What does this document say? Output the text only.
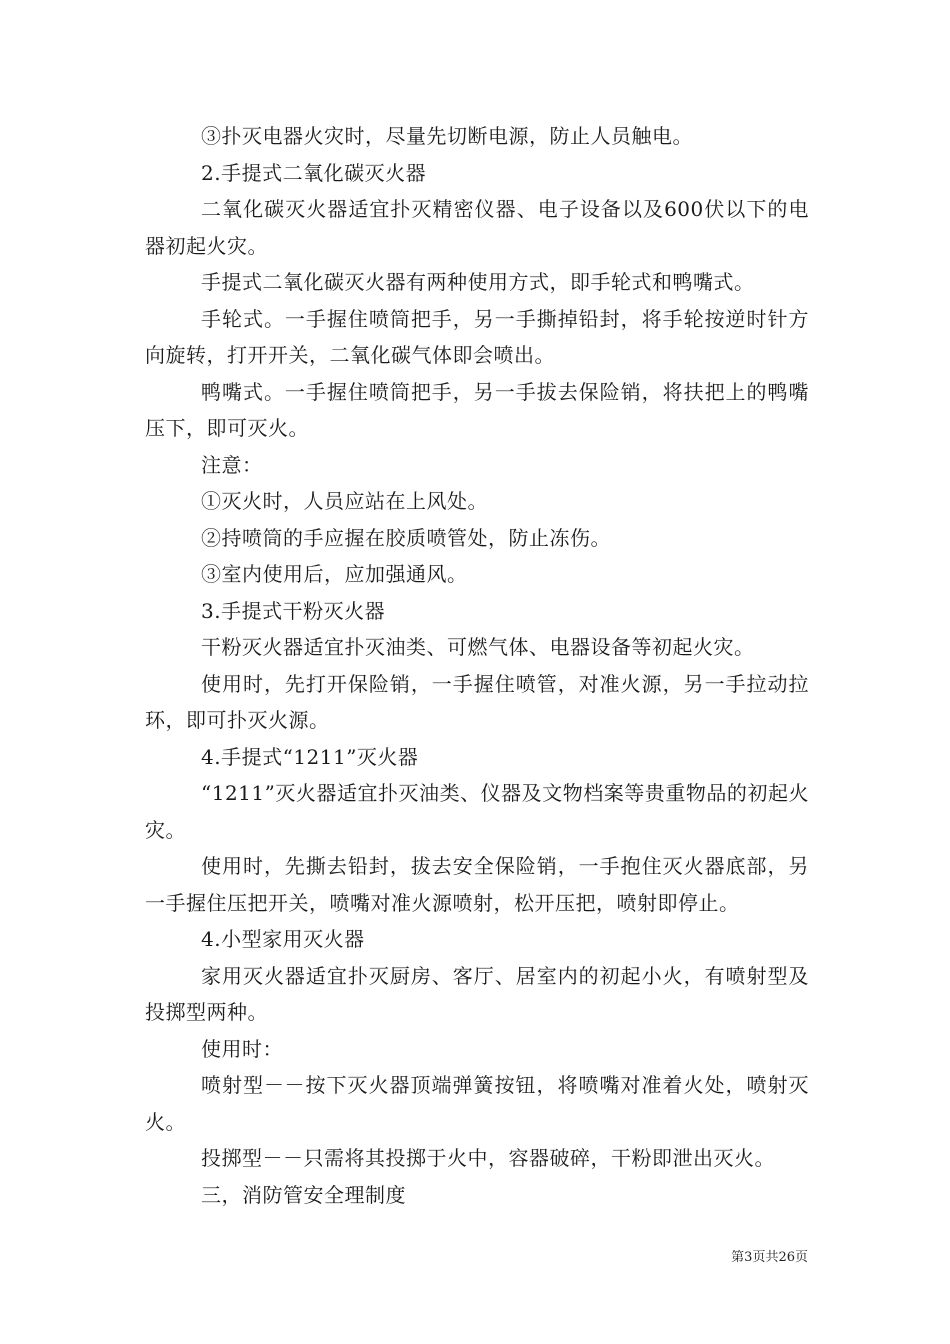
③扑灭电器火灾时，尽量先切断电源，防止人员触电。

2.手提式二氧化碳灭火器

二氧化碳灭火器适宜扑灭精密仪器、电子设备以及600伏以下的电器初起火灾。

手提式二氧化碳灭火器有两种使用方式，即手轮式和鸭嘴式。

手轮式。一手握住喷筒把手，另一手撕掉铅封，将手轮按逆时针方向旋转，打开开关，二氧化碳气体即会喷出。

鸭嘴式。一手握住喷筒把手，另一手拔去保险销，将扶把上的鸭嘴压下，即可灭火。

注意：

①灭火时，人员应站在上风处。

②持喷筒的手应握在胶质喷管处，防止冻伤。

③室内使用后，应加强通风。

3.手提式干粉灭火器

干粉灭火器适宜扑灭油类、可燃气体、电器设备等初起火灾。

使用时，先打开保险销，一手握住喷管，对准火源，另一手拉动拉环，即可扑灭火源。

4.手提式“1211”灭火器

“1211”灭火器适宜扑灭油类、仪器及文物档案等贵重物品的初起火灾。

使用时，先撕去铅封，拔去安全保险销，一手抱住灭火器底部，另一手握住压把开关，喷嘴对准火源喷射，松开压把，喷射即停止。

4.小型家用灭火器

家用灭火器适宜扑灭厨房、客厅、居室内的初起小火，有喷射型及投掷型两种。

使用时：

喷射型－－按下灭火器顶端弹簧按钮，将喷嘴对准着火处，喷射灭火。

投掷型－－只需将其投掷于火中，容器破碎，干粉即泄出灭火。

三，消防管安全理制度

第3页共26页
